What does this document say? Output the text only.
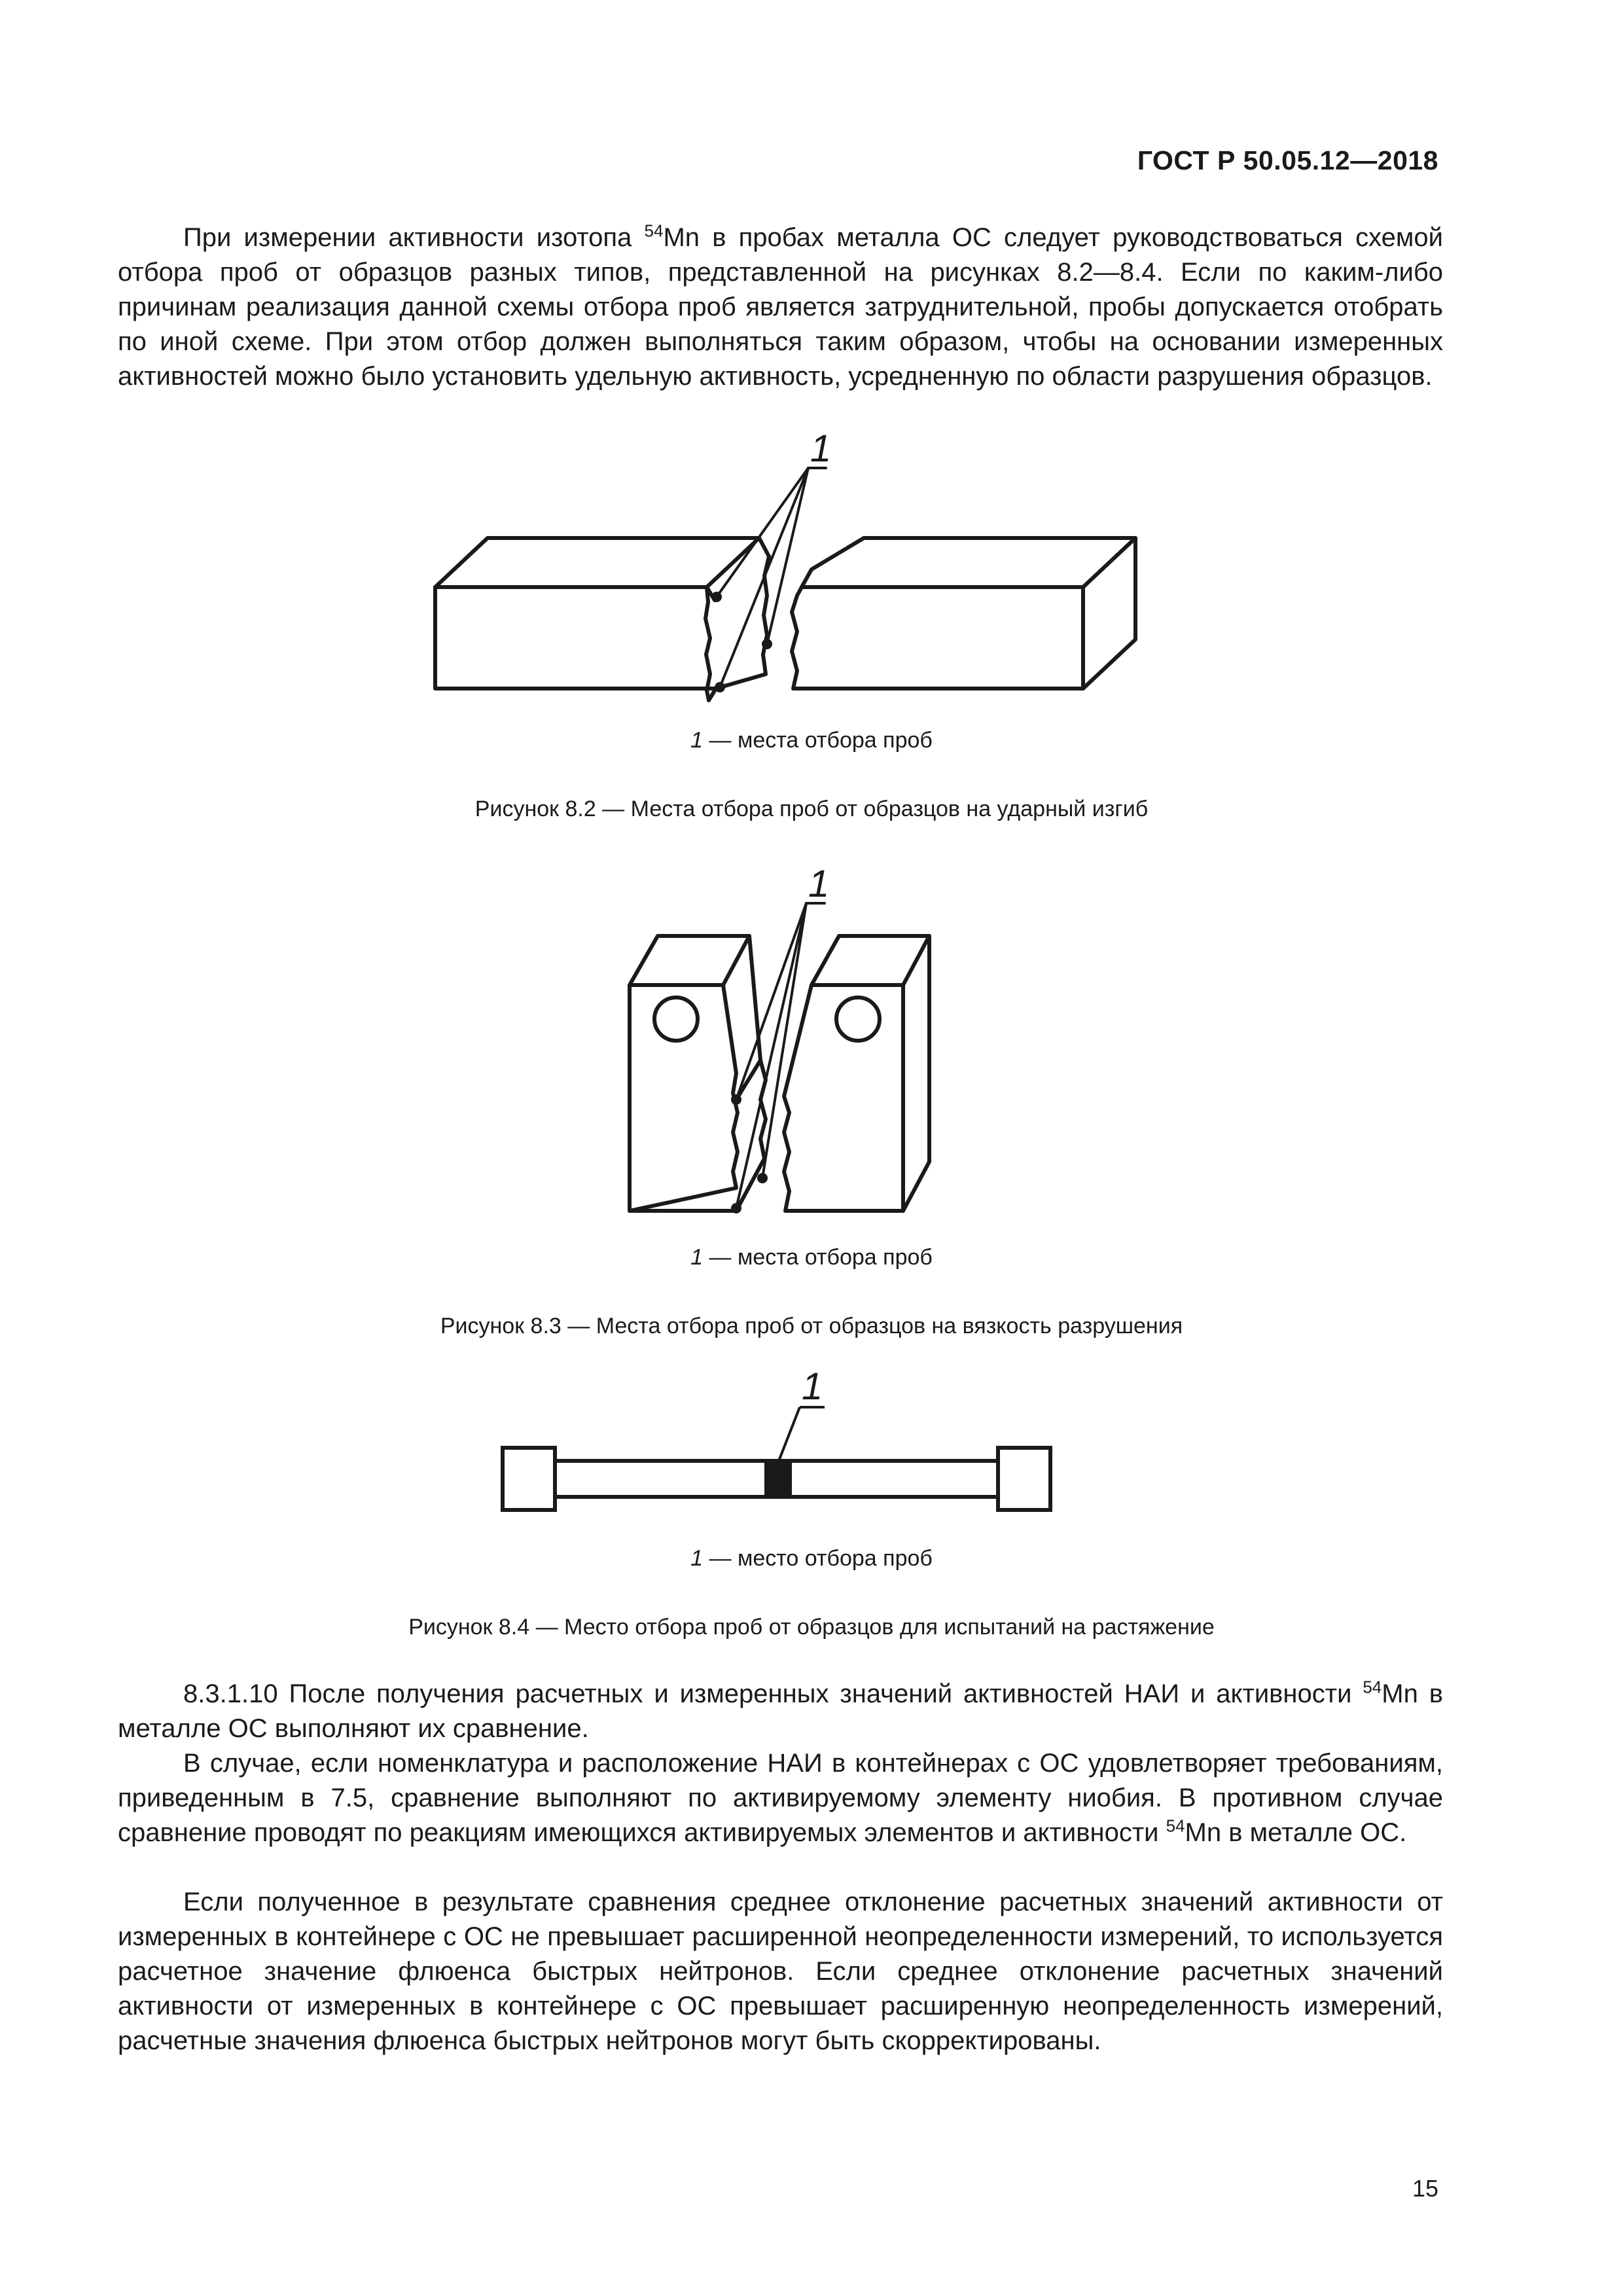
ГОСТ Р 50.05.12—2018

При измерении активности изотопа $^{54}$Mn в пробах металла ОС следует руководствоваться схемой отбора проб от образцов разных типов, представленной на рисунках 8.2—8.4. Если по каким-либо причинам реализация данной схемы отбора проб является затруднительной, пробы допускается отобрать по иной схеме. При этом отбор должен выполняться таким образом, чтобы на основании измеренных активностей можно было установить удельную активность, усредненную по области разрушения образцов.

1
1
1
1 — места отбора проб
Рисунок 8.2 — Места отбора проб от образцов на ударный изгиб
1 — места отбора проб
Рисунок 8.3 — Места отбора проб от образцов на вязкость разрушения
1 — место отбора проб
Рисунок 8.4 — Место отбора проб от образцов для испытаний на растяжение

8.3.1.10 После получения расчетных и измеренных значений активностей НАИ и активности $^{54}$Mn в металле ОС выполняют их сравнение.

В случае, если номенклатура и расположение НАИ в контейнерах с ОС удовлетворяет требованиям, приведенным в 7.5, сравнение выполняют по активируемому элементу ниобия. В противном случае сравнение проводят по реакциям имеющихся активируемых элементов и активности $^{54}$Mn в металле ОС.

Если полученное в результате сравнения среднее отклонение расчетных значений активности от измеренных в контейнере с ОС не превышает расширенной неопределенности измерений, то используется расчетное значение флюенса быстрых нейтронов. Если среднее отклонение расчетных значений активности от измеренных в контейнере с ОС превышает расширенную неопределенность измерений, расчетные значения флюенса быстрых нейтронов могут быть скорректированы.

15
